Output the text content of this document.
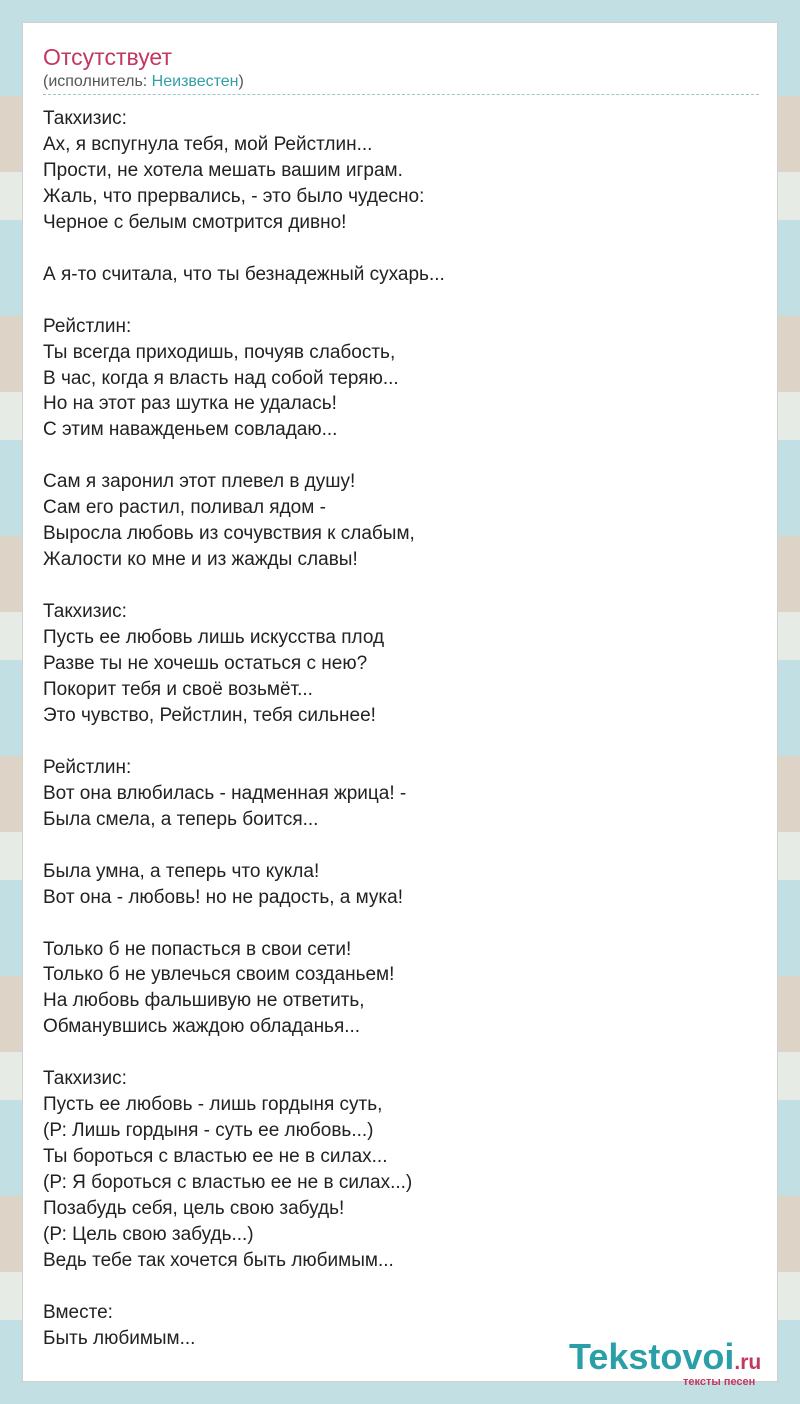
Отсутствует
(исполнитель: Неизвестен)
Такхизис:
Ах, я вспугнула тебя, мой Рейстлин...
Прости, не хотела мешать вашим играм.
Жаль, что прервались, - это было чудесно:
Черное с белым смотрится дивно!

А я-то считала, что ты безнадежный сухарь...

Рейстлин:
Ты всегда приходишь, почуяв слабость,
В час, когда я власть над собой теряю...
Но на этот раз шутка не удалась!
С этим наважденьем совладаю...

Сам я заронил этот плевел в душу!
Сам его растил, поливал ядом -
Выросла любовь из сочувствия к слабым,
Жалости ко мне и из жажды славы!

Такхизис:
Пусть ее любовь лишь искусства плод
Разве ты не хочешь остаться с нею?
Покорит тебя и своё возьмёт...
Это чувство, Рейстлин, тебя сильнее!

Рейстлин:
Вот она влюбилась - надменная жрица! -
Была смела, а теперь боится...

Была умна, а теперь что кукла!
Вот она - любовь! но не радость, а мука!

Только б не попасться в свои сети!
Только б не увлечься своим созданьем!
На любовь фальшивую не ответить,
Обманувшись жаждою обладанья...

Такхизис:
Пусть ее любовь - лишь гордыня суть,
(Р: Лишь гордыня - суть ее любовь...)
Ты бороться с властью ее не в силах...
(Р: Я бороться с властью ее не в силах...)
Позабудь себя, цель свою забудь!
(Р: Цель свою забудь...)
Ведь тебе так хочется быть любимым...

Вместе:
Быть любимым...	Tekstovoi.ru
тексты песен
